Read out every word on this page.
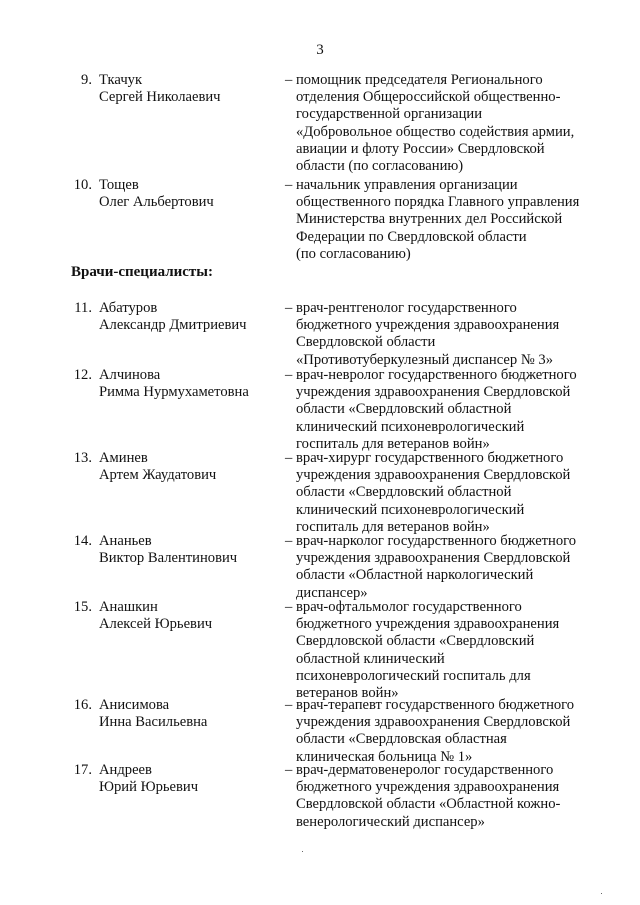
3
9. Ткачук
Сергей Николаевич
– помощник председателя Регионального
отделения Общероссийской общественно-
государственной организации
«Добровольное общество содействия армии,
авиации и флоту России» Свердловской
области (по согласованию)
10. Тощев
Олег Альбертович
– начальник управления организации
общественного порядка Главного управления
Министерства внутренних дел Российской
Федерации по Свердловской области
(по согласованию)
Врачи-специалисты:
11. Абатуров
Александр Дмитриевич
– врач-рентгенолог государственного
бюджетного учреждения здравоохранения
Свердловской области
«Противотуберкулезный диспансер № 3»
12. Алчинова
Римма Нурмухаметовна
– врач-невролог государственного бюджетного
учреждения здравоохранения Свердловской
области «Свердловский областной
клинический психоневрологический
госпиталь для ветеранов войн»
13. Аминев
Артем Жаудатович
– врач-хирург государственного бюджетного
учреждения здравоохранения Свердловской
области «Свердловский областной
клинический психоневрологический
госпиталь для ветеранов войн»
14. Ананьев
Виктор Валентинович
– врач-нарколог государственного бюджетного
учреждения здравоохранения Свердловской
области «Областной наркологический
диспансер»
15. Анашкин
Алексей Юрьевич
– врач-офтальмолог государственного
бюджетного учреждения здравоохранения
Свердловской области «Свердловский
областной клинический
психоневрологический госпиталь для
ветеранов войн»
16. Анисимова
Инна Васильевна
– врач-терапевт государственного бюджетного
учреждения здравоохранения Свердловской
области «Свердловская областная
клиническая больница № 1»
17. Андреев
Юрий Юрьевич
– врач-дерматовенеролог государственного
бюджетного учреждения здравоохранения
Свердловской области «Областной кожно-
венерологический диспансер»
